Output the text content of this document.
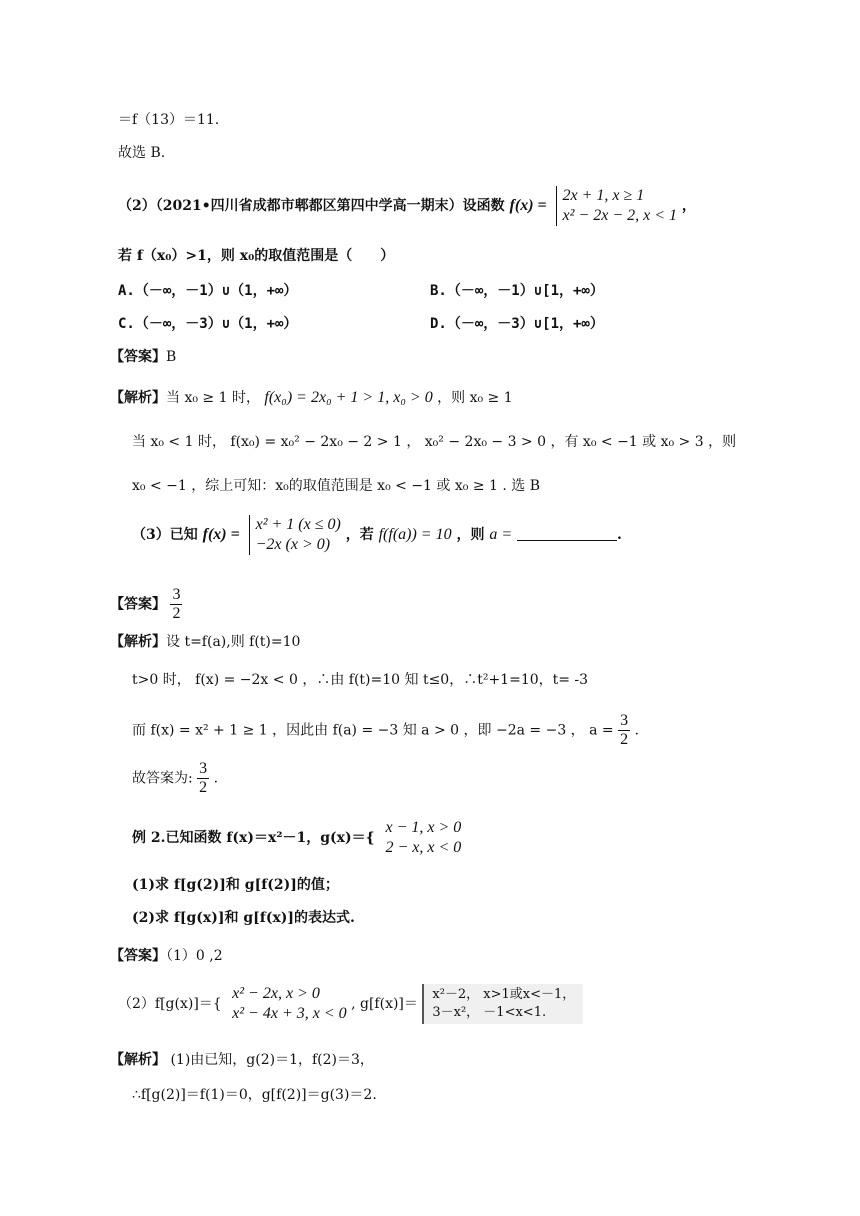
＝f（13）＝11.
故选 B.
（2）（2021•四川省成都市郫都区第四中学高一期末）设函数 f(x) =
2x + 1, x ≥ 1
x² − 2x − 2, x < 1
，
若 f（x₀）>1，则 x₀的取值范围是（　　）
A.（－∞，－1）∪（1，+∞）	B.（－∞，－1）∪[1，+∞）
C.（－∞，－3）∪（1，+∞）	D.（－∞，－3）∪[1，+∞）
【答案】B
【解析】当 x₀ ≥ 1 时， f(x₀) = 2x₀ + 1 > 1, x₀ > 0 ，则 x₀ ≥ 1
当 x₀ < 1 时， f(x₀) = x₀² − 2x₀ − 2 > 1 ， x₀² − 2x₀ − 3 > 0 ，有 x₀ < −1 或 x₀ > 3 ，则
x₀ < −1 ，综上可知：x₀的取值范围是 x₀ < −1 或 x₀ ≥ 1 . 选 B
（3）已知 f(x) =
x² + 1 (x ≤ 0)
−2x (x > 0)
，若 f(f(a)) = 10 ，则 a =	.
【答案】 $\frac{3}{2}$
【解析】设 t=f(a),则 f(t)=10
t>0 时， f(x) = −2x < 0 ，∴由 f(t)=10 知 t≤0，∴t²+1=10，t= -3
而 f(x) = x² + 1 ≥ 1 ，因此由 f(a) = −3 知 a > 0 ，即 −2a = −3 ， $a = \frac{3}{2}$ .
故答案为: $\frac{3}{2}$ .
例 2.已知函数 f(x)＝x²－1，g(x)＝{
x − 1, x > 0
2 − x, x < 0
(1)求 f[g(2)]和 g[f(2)]的值；
(2)求 f[g(x)]和 g[f(x)]的表达式.
【答案】（1）0 ,2
（2）f[g(x)]＝{
x² − 2x, x > 0
x² − 4x + 3, x < 0
, g[f(x)]＝
x²－2， x>1或x<－1，
3－x²， －1<x<1.
【解析】 (1)由已知，g(2)＝1，f(2)＝3，
∴f[g(2)]＝f(1)＝0，g[f(2)]＝g(3)＝2.
